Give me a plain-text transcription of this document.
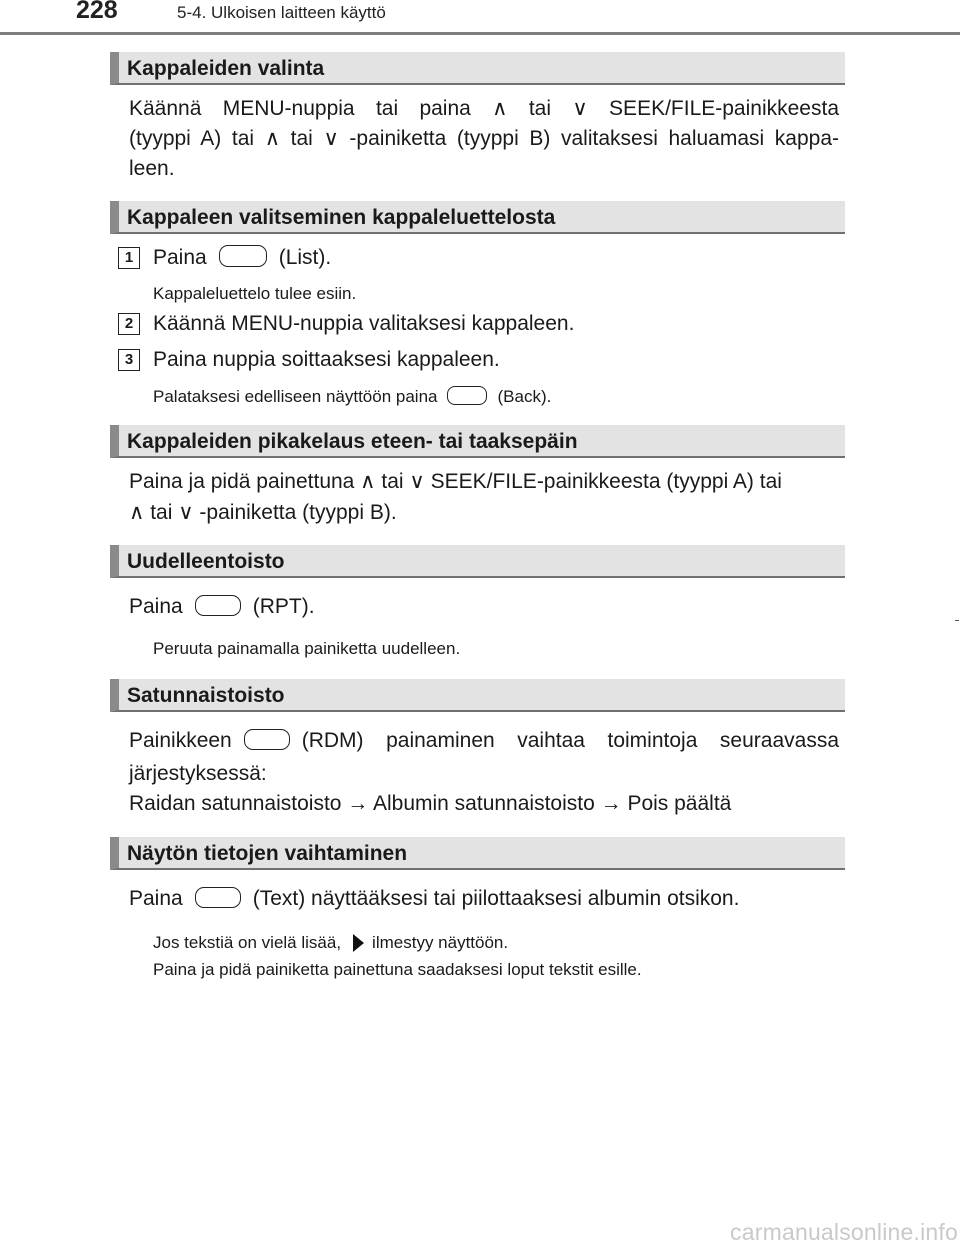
228	5-4. Ulkoisen laitteen käyttö
Kappaleiden valinta
Käännä MENU-nuppia tai paina ∧ tai ∨ SEEK/FILE-painikkeesta
(tyyppi A) tai ∧ tai ∨ -painiketta (tyyppi B) valitaksesi haluamasi kappa-
leen.
Kappaleen valitseminen kappaleluettelosta
1 Paina	(List).
Kappaleluettelo tulee esiin.
2 Käännä MENU-nuppia valitaksesi kappaleen.
3 Paina nuppia soittaaksesi kappaleen.
Palataksesi edelliseen näyttöön paina	(Back).
Kappaleiden pikakelaus eteen- tai taaksepäin
Paina ja pidä painettuna ∧ tai ∨ SEEK/FILE-painikkeesta (tyyppi A) tai
∧ tai ∨ -painiketta (tyyppi B).
Uudelleentoisto
Paina	(RPT).
Peruuta painamalla painiketta uudelleen.
Satunnaistoisto
Painikkeen	(RDM) painaminen vaihtaa toimintoja seuraavassa
järjestyksessä:
Raidan satunnaistoisto → Albumin satunnaistoisto → Pois päältä
Näytön tietojen vaihtaminen
Paina	(Text) näyttääksesi tai piilottaaksesi albumin otsikon.
Jos tekstiä on vielä lisää, ilmestyy näyttöön.
Paina ja pidä painiketta painettuna saadaksesi loput tekstit esille.
carmanualsonline.info
